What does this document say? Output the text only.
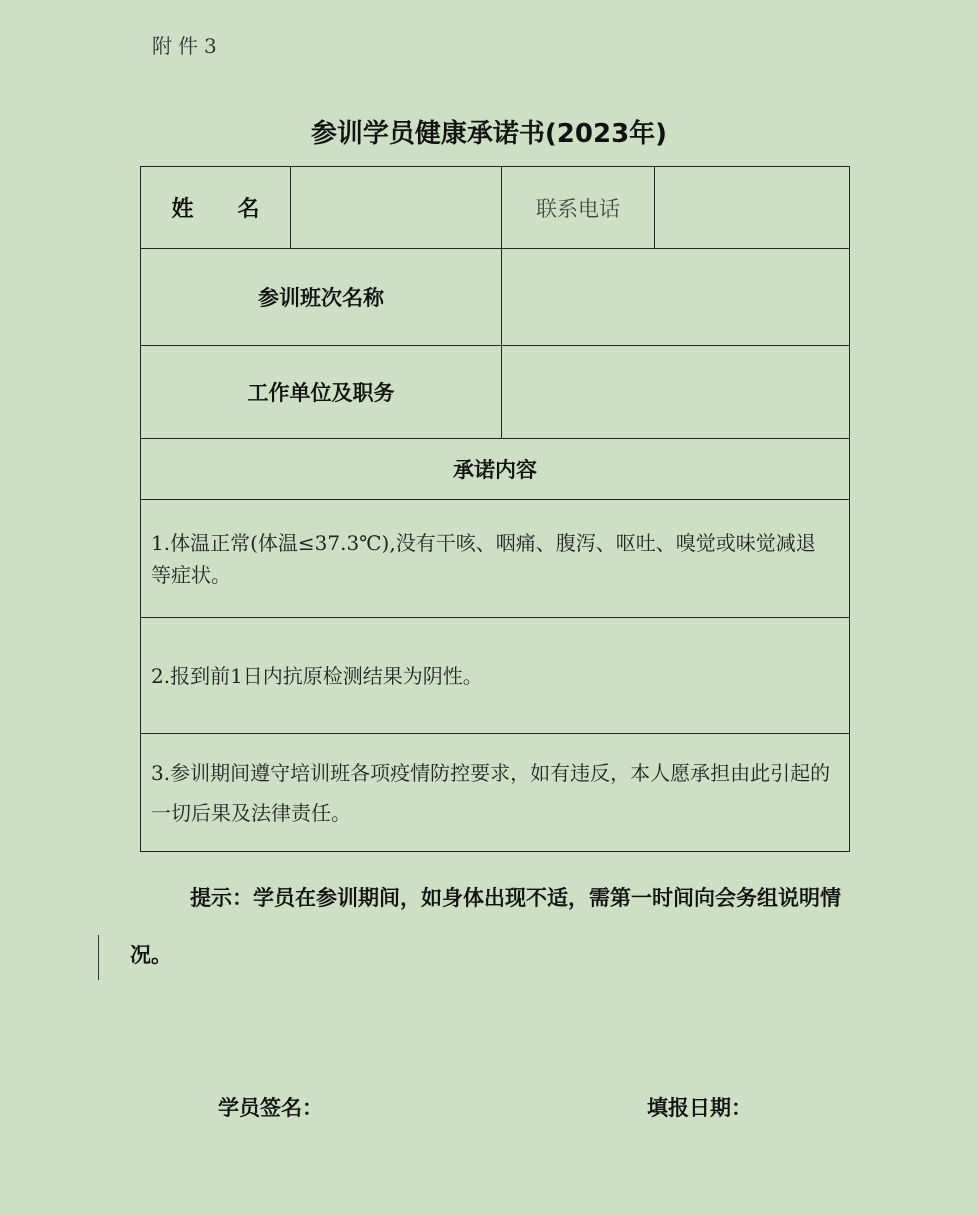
附件3
参训学员健康承诺书(2023年)
姓 名		联系电话	
参训班次名称			
工作单位及职务			
承诺内容			
1.体温正常(体温≤37.3℃),没有干咳、咽痛、腹泻、呕吐、嗅觉或味觉减退等症状。			
2.报到前1日内抗原检测结果为阴性。			
3.参训期间遵守培训班各项疫情防控要求，如有违反，本人愿承担由此引起的一切后果及法律责任。			
提示：学员在参训期间，如身体出现不适，需第一时间向会务组说明情况。
学员签名：	填报日期：
